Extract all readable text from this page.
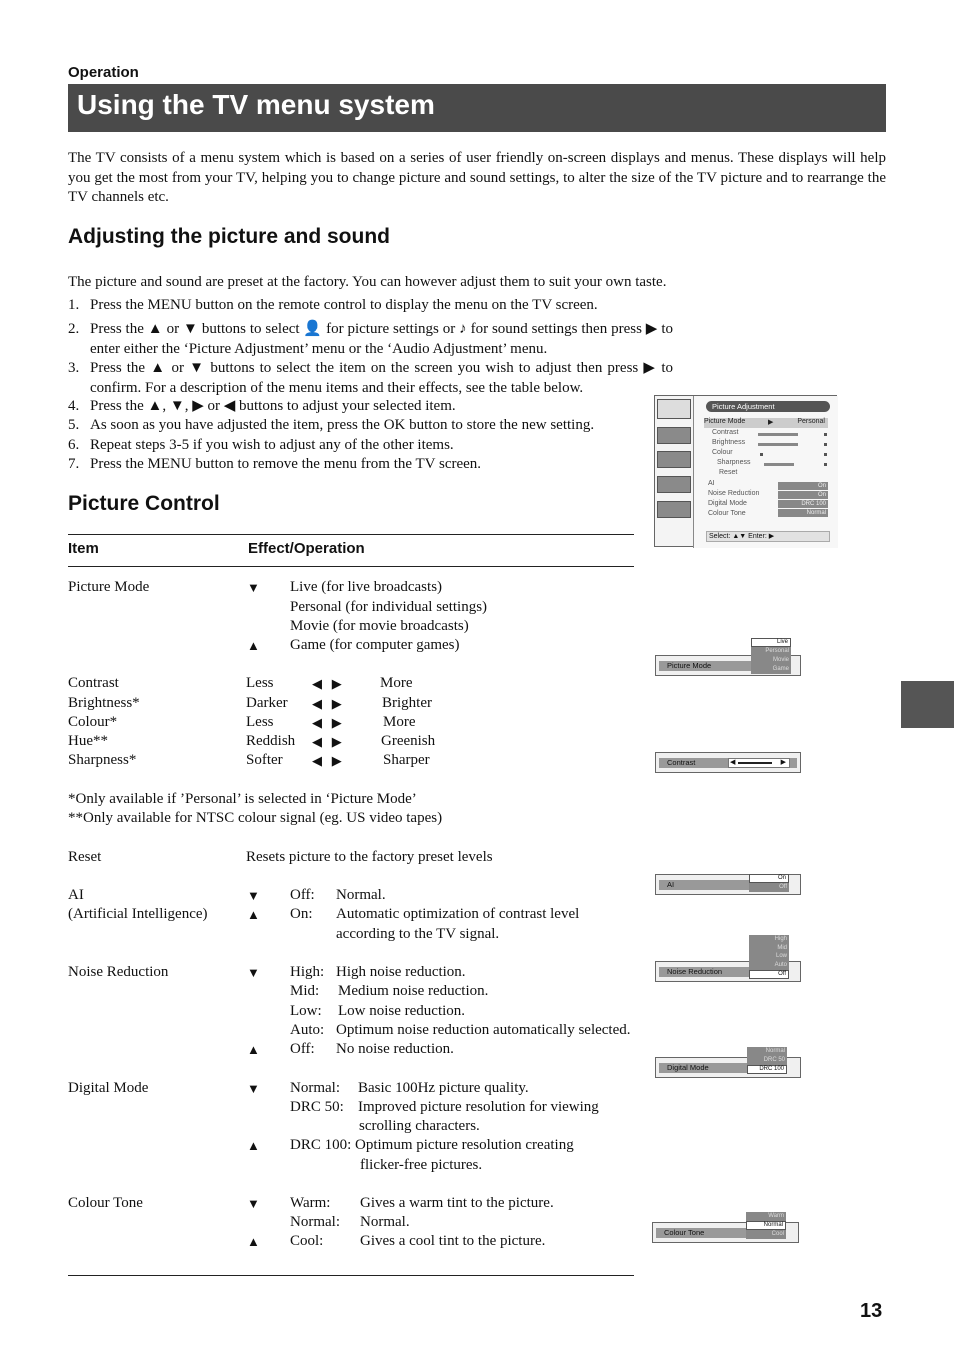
Operation
Using the TV menu system
The TV consists of a menu system which is based on a series of user friendly on-screen displays and menus. These displays will help you get the most from your TV, helping you to change picture and sound settings, to alter the size of the TV picture and to rearrange the TV channels etc.
Adjusting the picture and sound
The picture and sound are preset at the factory. You can however adjust them to suit your own taste.
1. Press the MENU button on the remote control to display the menu on the TV screen.
2. Press the ▲ or ▼ buttons to select 👤 for picture settings or ♪ for sound settings then press ▶ to enter either the ‘Picture Adjustment’ menu or the ‘Audio Adjustment’ menu.
3. Press the ▲ or ▼ buttons to select the item on the screen you wish to adjust then press ▶ to confirm. For a description of the menu items and their effects, see the table below.
4. Press the ▲, ▼, ▶ or ◀ buttons to adjust your selected item.
5. As soon as you have adjusted the item, press the OK button to store the new setting.
6. Repeat steps 3-5 if you wish to adjust any of the other items.
7. Press the MENU button to remove the menu from the TV screen.
Picture Adjustment
Picture Mode	▶	Personal
Contrast
Brightness
Colour
Sharpness
Reset
AI	On
Noise Reduction	On
Digital Mode	DRC 100
Colour Tone	Normal
Select: ▲▼ Enter: ▶
Picture Control
Item	Effect/Operation
Picture Mode	▼ Live (for live broadcasts)
Personal (for individual settings)
Movie (for movie broadcasts)
▲ Game (for computer games)
Contrast	Less	◀   ▶	More
Brightness*	Darker ◀   ▶	Brighter
Colour*	Less	◀   ▶	More
Hue**	Reddish ◀   ▶	Greenish
Sharpness*	Softer ◀   ▶	Sharper
*Only available if ’Personal’ is selected in ‘Picture Mode’
**Only available for NTSC colour signal (eg. US video tapes)
Reset	Resets picture to the factory preset levels
AI
(Artificial Intelligence)
▼ Off: Normal.
▲ On: Automatic optimization of contrast level
according to the TV signal.
Noise Reduction	▼ High: High noise reduction.
Mid: Medium noise reduction.
Low: Low noise reduction.
Auto: Optimum noise reduction automatically selected.
▲ Off: No noise reduction.
Digital Mode	▼ Normal: Basic 100Hz picture quality.
DRC 50: Improved picture resolution for viewing
scrolling characters.
▲ DRC 100: Optimum picture resolution creating
flicker-free pictures.
Colour Tone	▼ Warm: Gives a warm tint to the picture.
Normal: Normal.
▲ Cool: Gives a cool tint to the picture.
Picture Mode
Live
Personal
Movie
Game
Contrast	◀	▶
AI
On
Off
Noise Reduction
High
Mid
Low
Auto
Off
Digital Mode
Normal
DRC 50
DRC 100
Colour Tone
Warm
Normal
Cool
13
